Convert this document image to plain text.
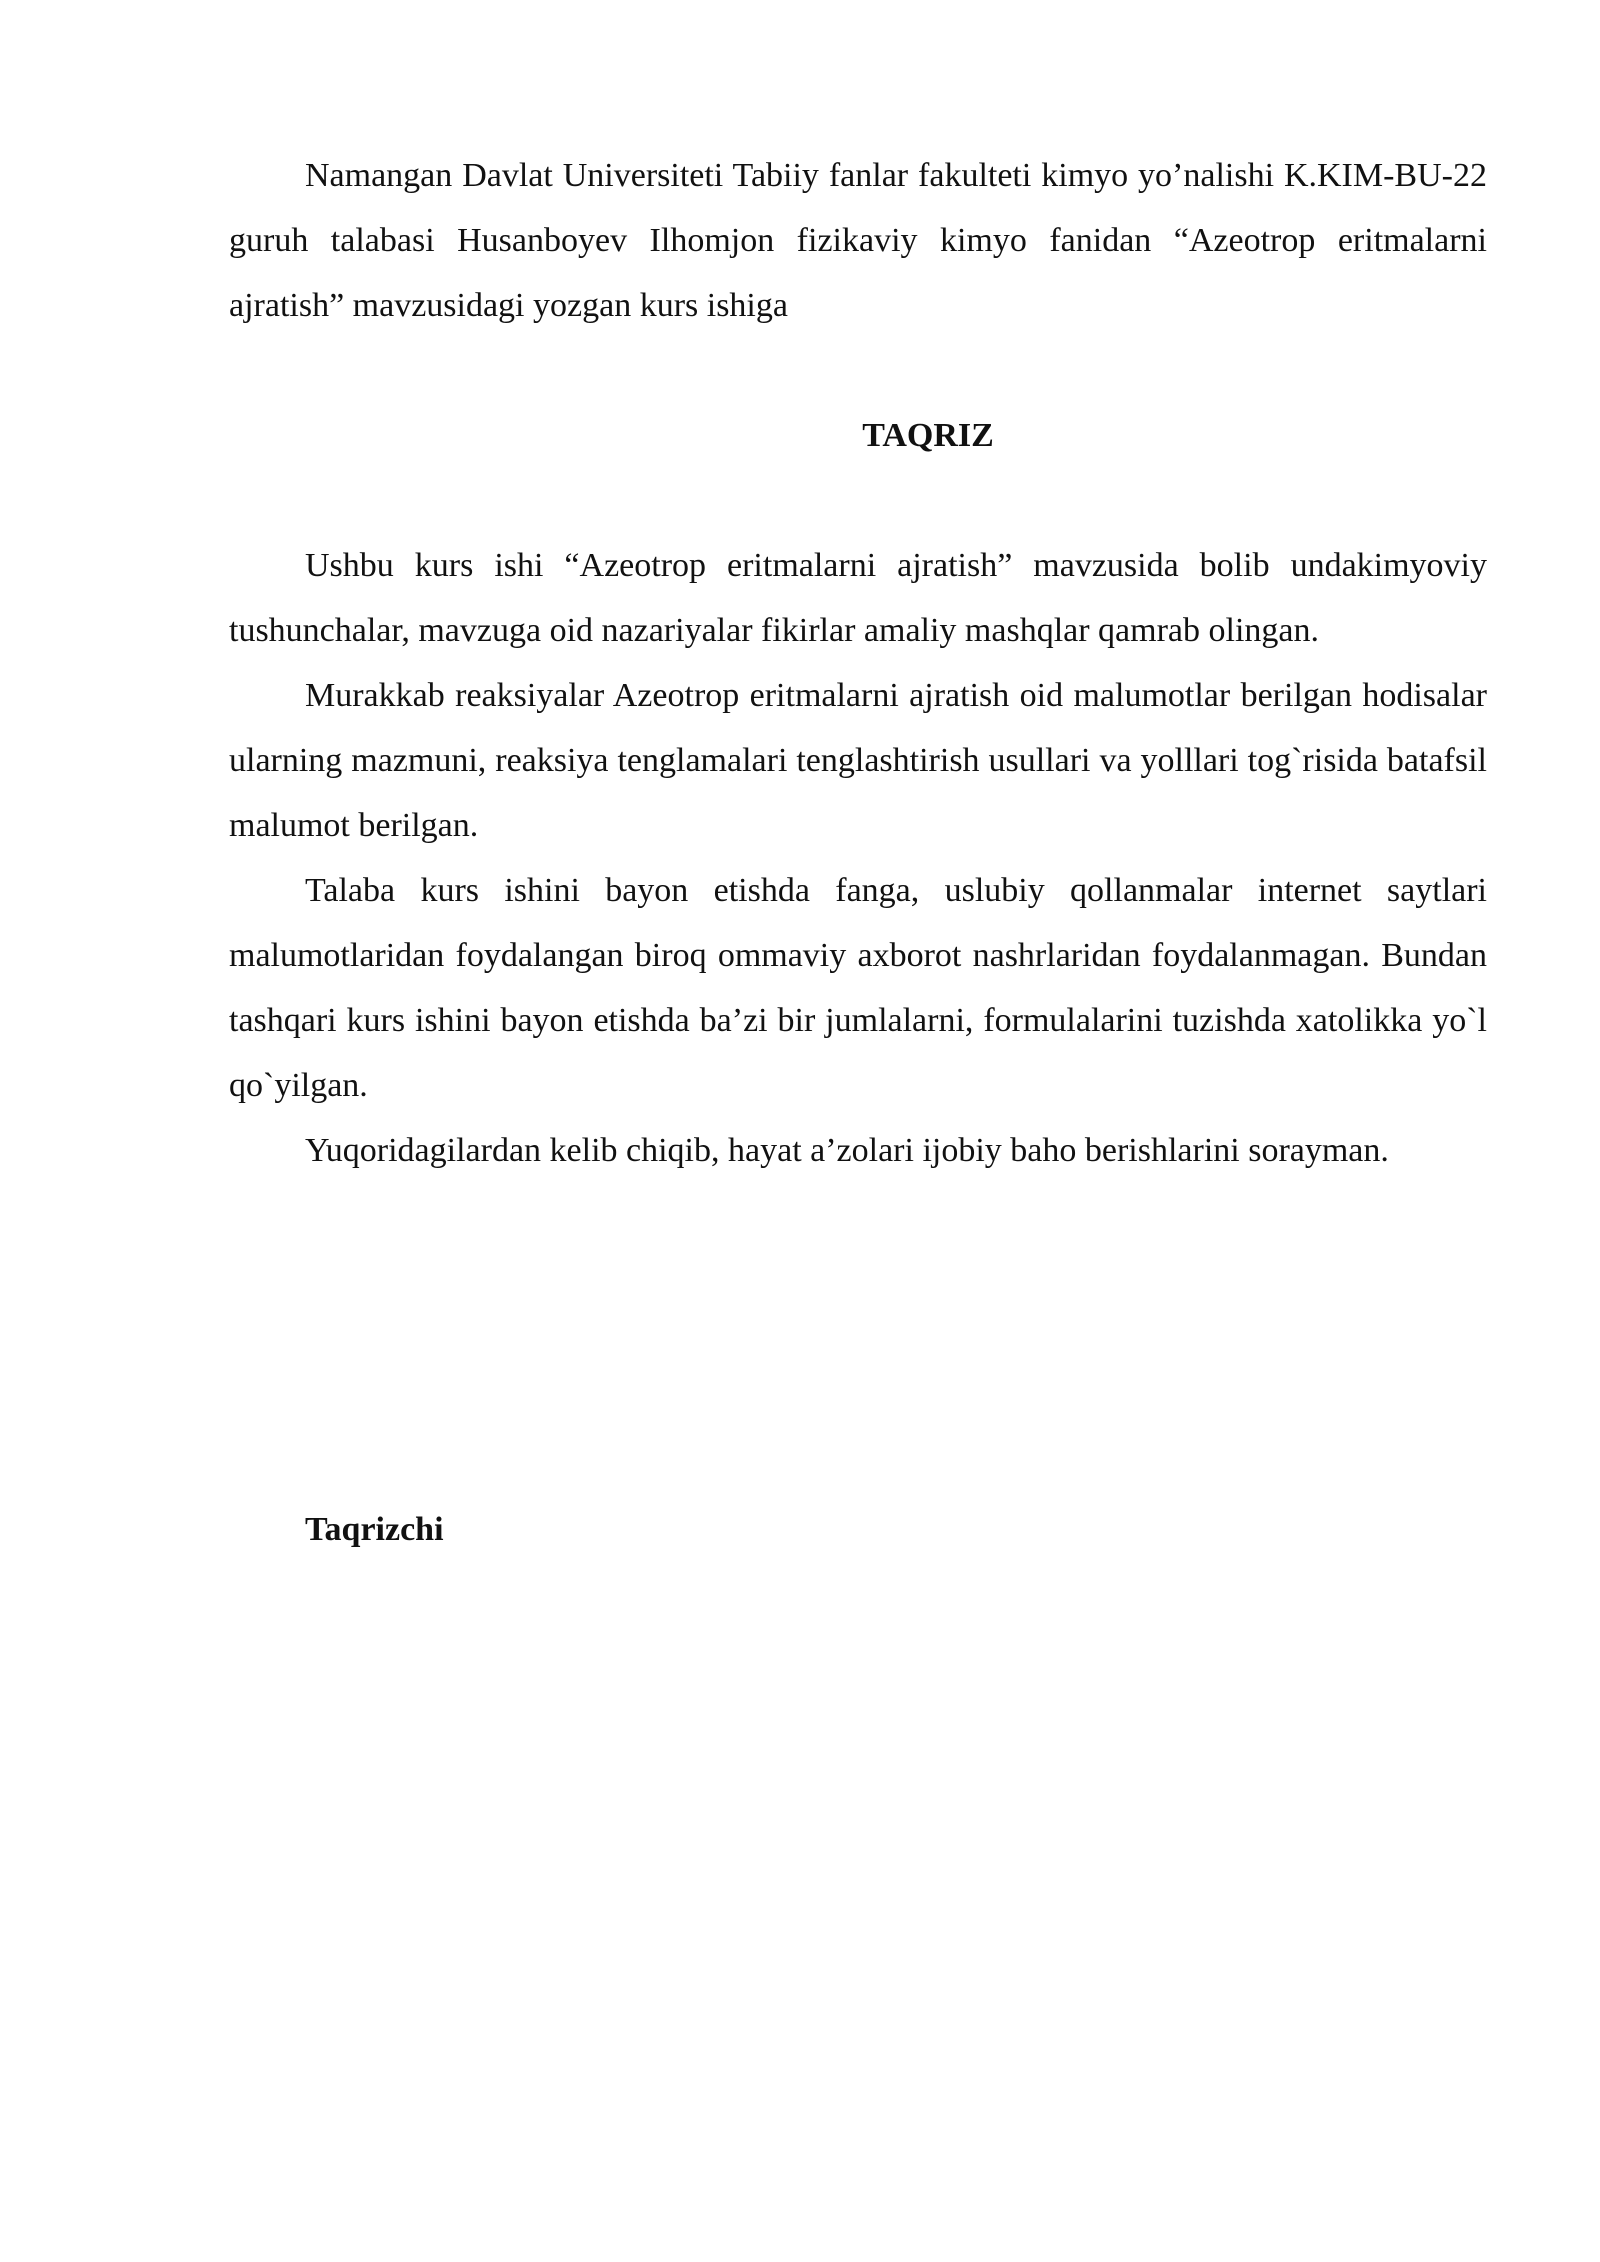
Namangan Davlat Universiteti Tabiiy fanlar fakulteti kimyo yo’nalishi K.KIM-BU-22 guruh talabasi Husanboyev Ilhomjon fizikaviy kimyo fanidan “Azeotrop eritmalarni ajratish” mavzusidagi yozgan kurs ishiga

TAQRIZ

Ushbu kurs ishi “Azeotrop eritmalarni ajratish” mavzusida bolib undakimyoviy tushunchalar, mavzuga oid nazariyalar fikirlar amaliy mashqlar qamrab olingan.

Murakkab reaksiyalar Azeotrop eritmalarni ajratish oid malumotlar berilgan hodisalar ularning mazmuni, reaksiya tenglamalari tenglashtirish usullari va yolllari tog`risida batafsil malumot berilgan.

Talaba kurs ishini bayon etishda fanga, uslubiy qollanmalar internet saytlari malumotlaridan foydalangan biroq ommaviy axborot nashrlaridan foydalanmagan. Bundan tashqari kurs ishini bayon etishda ba’zi bir jumlalarni, formulalarini tuzishda xatolikka yo`l qo`yilgan.

Yuqoridagilardan kelib chiqib, hayat a’zolari ijobiy baho berishlarini sorayman.

Taqrizchi
